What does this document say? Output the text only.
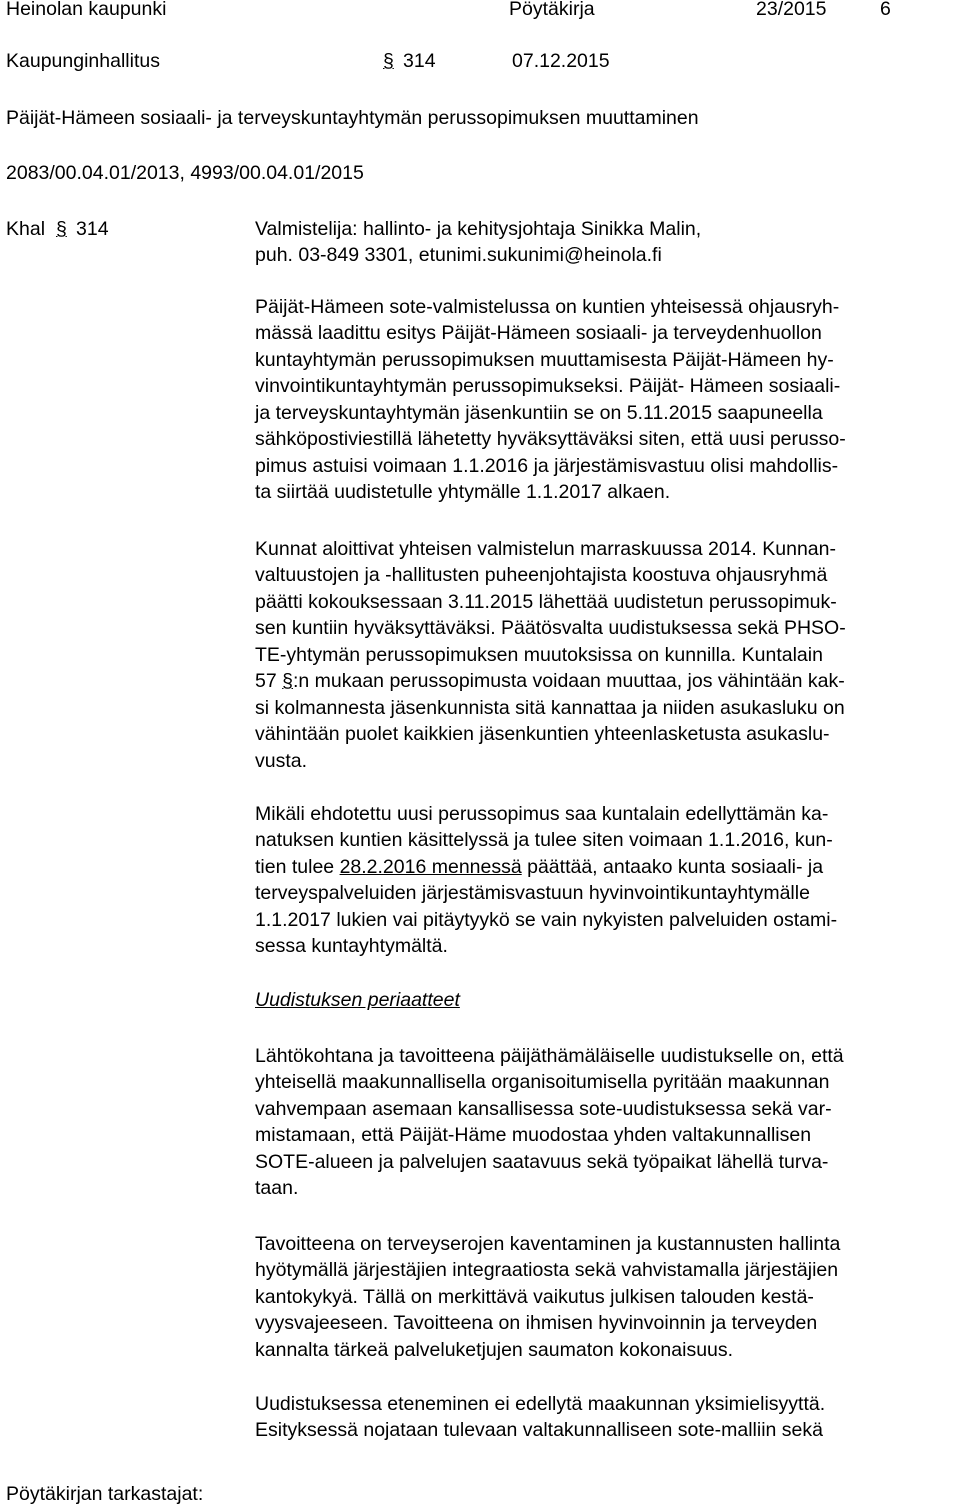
Heinolan kaupunki	Pöytäkirja	23/2015	6
Kaupunginhallitus	§ 314	07.12.2015
Päijät-Hämeen sosiaali- ja terveyskuntayhtymän perussopimuksen muuttaminen
2083/00.04.01/2013, 4993/00.04.01/2015
Khal § 314	Valmistelija: hallinto- ja kehitysjohtaja Sinikka Malin,
puh. 03-849 3301, etunimi.sukunimi@heinola.fi
Päijät-Hämeen sote-valmistelussa on kuntien yhteisessä ohjausryh-
mässä laadittu esitys Päijät-Hämeen sosiaali- ja terveydenhuollon
kuntayhtymän perussopimuksen muuttamisesta Päijät-Hämeen hy-
vinvointikuntayhtymän perussopimukseksi. Päijät- Hämeen sosiaali-
ja terveyskuntayhtymän jäsenkuntiin se on 5.11.2015 saapuneella
sähköpostiviestillä lähetetty hyväksyttäväksi siten, että uusi perusso-
pimus astuisi voimaan 1.1.2016 ja järjestämisvastuu olisi mahdollis-
ta siirtää uudistetulle yhtymälle 1.1.2017 alkaen.
Kunnat aloittivat yhteisen valmistelun marraskuussa 2014. Kunnan-
valtuustojen ja -hallitusten puheenjohtajista koostuva ohjausryhmä
päätti kokouksessaan 3.11.2015 lähettää uudistetun perussopimuk-
sen kuntiin hyväksyttäväksi. Päätösvalta uudistuksessa sekä PHSO-
TE-yhtymän perussopimuksen muutoksissa on kunnilla. Kuntalain
57 §:n mukaan perussopimusta voidaan muuttaa, jos vähintään kak-
si kolmannesta jäsenkunnista sitä kannattaa ja niiden asukasluku on
vähintään puolet kaikkien jäsenkuntien yhteenlasketusta asukaslu-
vusta.
Mikäli ehdotettu uusi perussopimus saa kuntalain edellyttämän ka-
natuksen kuntien käsittelyssä ja tulee siten voimaan 1.1.2016, kun-
tien tulee 28.2.2016 mennessä päättää, antaako kunta sosiaali- ja
terveyspalveluiden järjestämisvastuun hyvinvointikuntayhtymälle
1.1.2017 lukien vai pitäytyykö se vain nykyisten palveluiden ostami-
sessa kuntayhtymältä.
Uudistuksen periaatteet
Lähtökohtana ja tavoitteena päijäthämäläiselle uudistukselle on, että
yhteisellä maakunnallisella organisoitumisella pyritään maakunnan
vahvempaan asemaan kansallisessa sote-uudistuksessa sekä var-
mistamaan, että Päijät-Häme muodostaa yhden valtakunnallisen
SOTE-alueen ja palvelujen saatavuus sekä työpaikat lähellä turva-
taan.
Tavoitteena on terveyserojen kaventaminen ja kustannusten hallinta
hyötymällä järjestäjien integraatiosta sekä vahvistamalla järjestäjien
kantokykyä. Tällä on merkittävä vaikutus julkisen talouden kestä-
vyysvajeeseen. Tavoitteena on ihmisen hyvinvoinnin ja terveyden
kannalta tärkeä palveluketjujen saumaton kokonaisuus.
Uudistuksessa eteneminen ei edellytä maakunnan yksimielisyyttä.
Esityksessä nojataan tulevaan valtakunnalliseen sote-malliin sekä
Pöytäkirjan tarkastajat:
